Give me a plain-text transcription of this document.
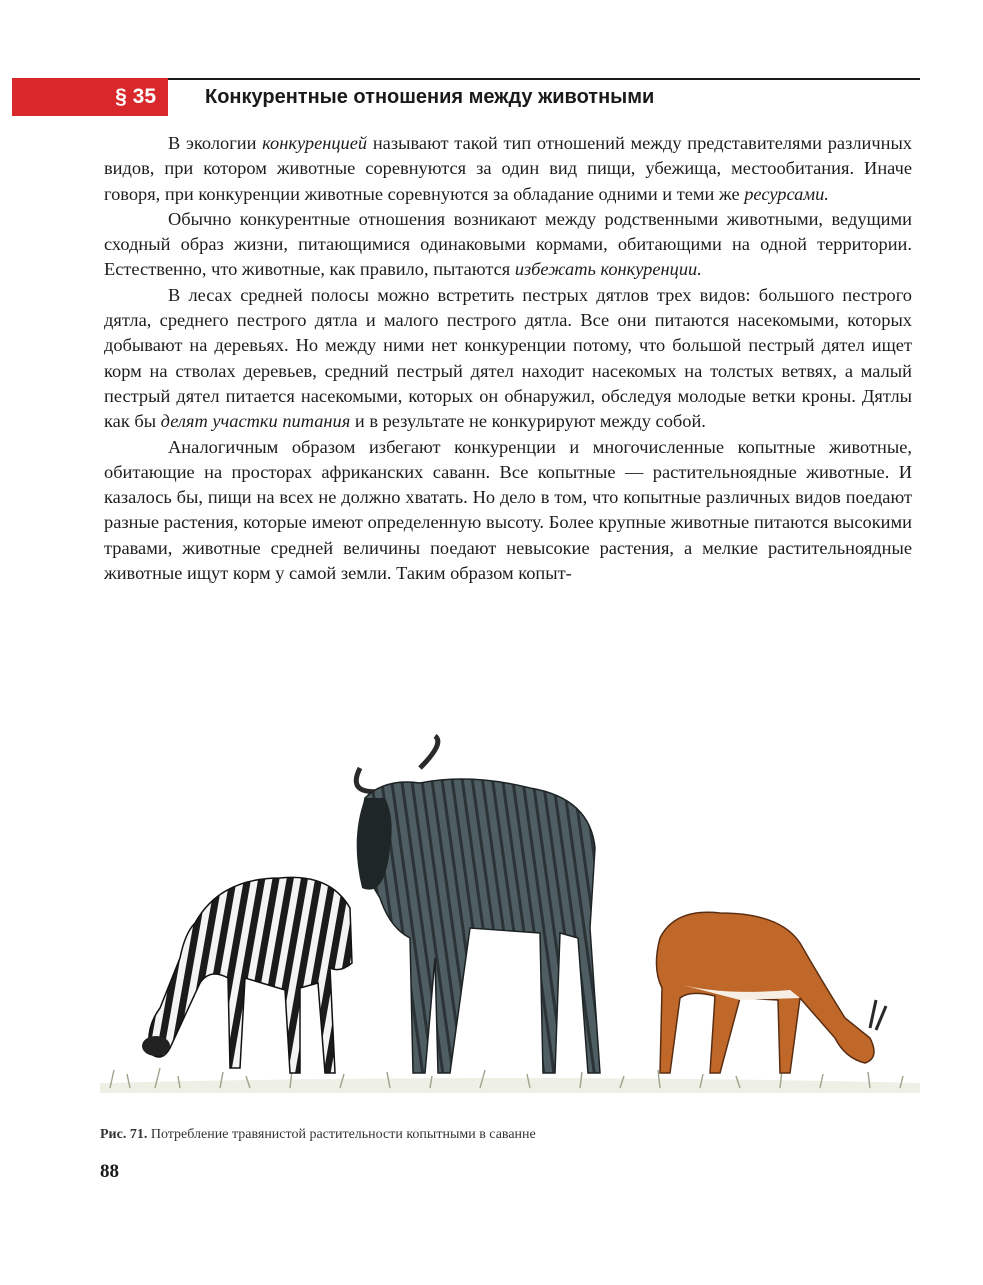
§ 35	Конкурентные отношения между животными

В экологии конкуренцией называют такой тип отношений между представителями различных видов, при котором животные соревнуются за один вид пищи, убежища, местообитания. Иначе говоря, при конкуренции животные соревнуются за обладание одними и теми же ресурсами.

Обычно конкурентные отношения возникают между родственными животными, ведущими сходный образ жизни, питающимися одинаковыми кормами, обитающими на одной территории. Естественно, что животные, как правило, пытаются избежать конкуренции.

В лесах средней полосы можно встретить пестрых дятлов трех видов: большого пестрого дятла, среднего пестрого дятла и малого пестрого дятла. Все они питаются насекомыми, которых добывают на деревьях. Но между ними нет конкуренции потому, что большой пестрый дятел ищет корм на стволах деревьев, средний пестрый дятел находит насекомых на толстых ветвях, а малый пестрый дятел питается насекомыми, которых он обнаружил, обследуя молодые ветки кроны. Дятлы как бы делят участки питания и в результате не конкурируют между собой.

Аналогичным образом избегают конкуренции и многочисленные копытные животные, обитающие на просторах африканских саванн. Все копытные — растительноядные животные. И казалось бы, пищи на всех не должно хватать. Но дело в том, что копытные различных видов поедают разные растения, которые имеют определенную высоту. Более крупные животные питаются высокими травами, животные средней величины поедают невысокие растения, а мелкие растительноядные животные ищут корм у самой земли. Таким образом копыт-

Рис. 71. Потребление травянистой растительности копытными в саванне
88
